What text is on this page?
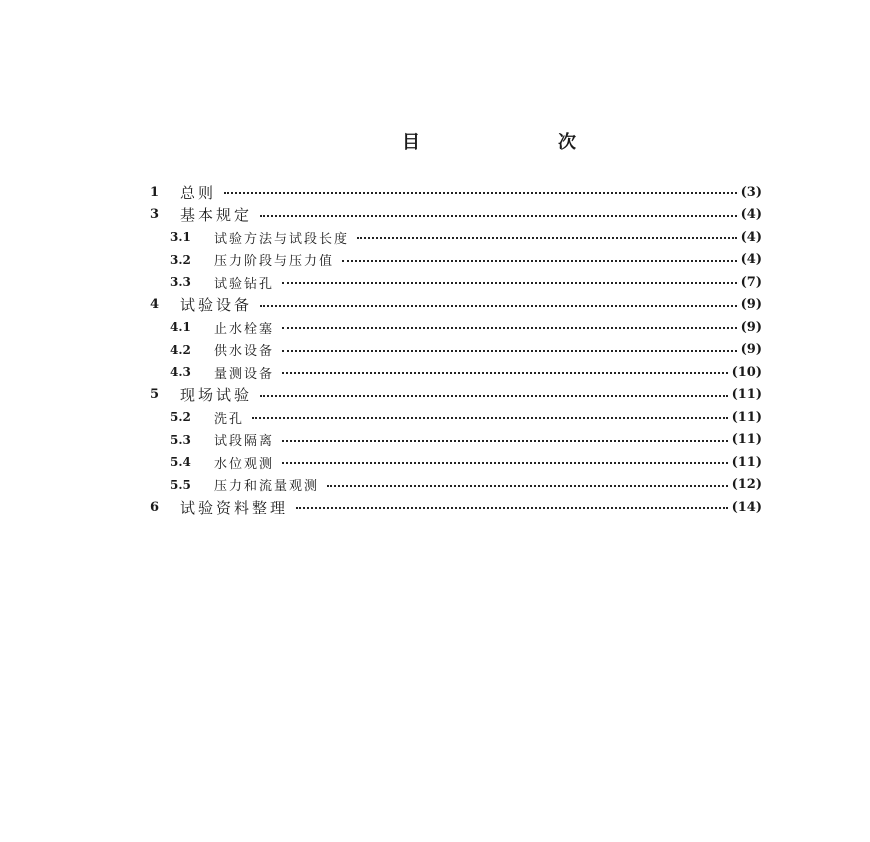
目　次
1	总则	(3)
3	基本规定	(4)
3.1	试验方法与试段长度	(4)
3.2	压力阶段与压力值	(4)
3.3	试验钻孔	(7)
4	试验设备	(9)
4.1	止水栓塞	(9)
4.2	供水设备	(9)
4.3	量测设备	(10)
5	现场试验	(11)
5.2	洗孔	(11)
5.3	试段隔离	(11)
5.4	水位观测	(11)
5.5	压力和流量观测	(12)
6	试验资料整理	(14)
